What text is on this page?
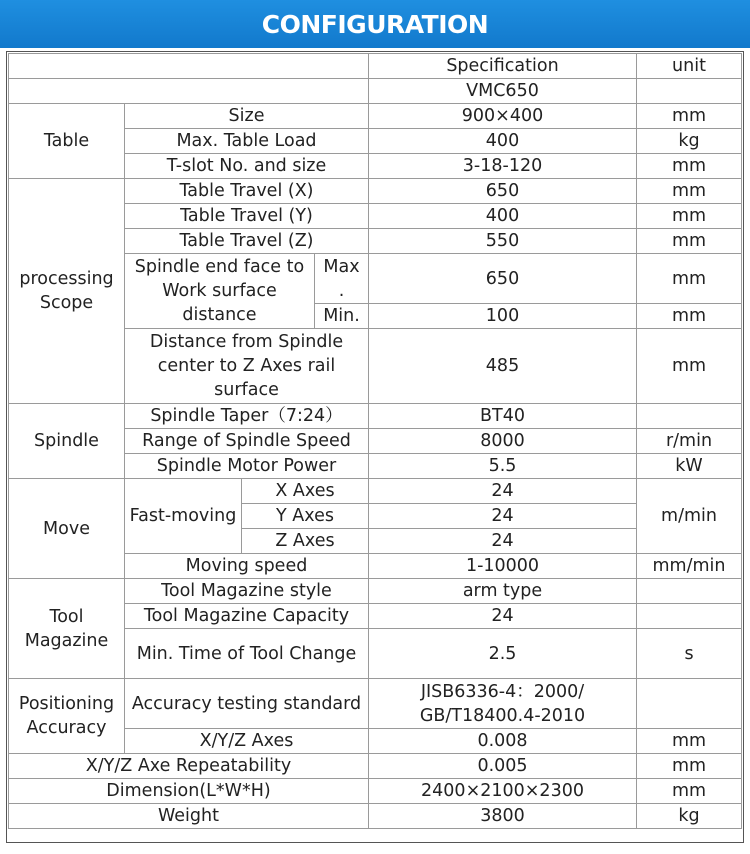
CONFIGURATION
				Specification	unit
				VMC650	
Table	Size			900×400	mm
	Max. Table Load			400	kg
	T-slot No. and size			3-18-120	mm
processing Scope	Table Travel (X)			650	mm
	Table Travel (Y)			400	mm
	Table Travel (Z)			550	mm
	Spindle end face to Work surface distance		Max .	650	mm

			Min.	100	mm
	Distance from Spindle center to Z Axes rail surface			485	mm

Spindle	Spindle Taper（7:24）			BT40	
	Range of Spindle Speed			8000	r/min
	Spindle Motor Power			5.5	kW
Move	Fast-moving	X Axes		24	m/min
		Y Axes		24	
		Z Axes		24	
	Moving speed			1-10000	mm/min
Tool Magazine	Tool Magazine style			arm type	
	Tool Magazine Capacity			24	
	Min. Time of Tool Change			2.5	s

Positioning Accuracy	Accuracy testing standard			JISB6336-4：2000/ GB/T18400.4-2010	

	X/Y/Z Axes			0.008	mm
X/Y/Z Axe Repeatability				0.005	mm
Dimension(L*W*H)				2400×2100×2300	mm
Weight				3800	kg
